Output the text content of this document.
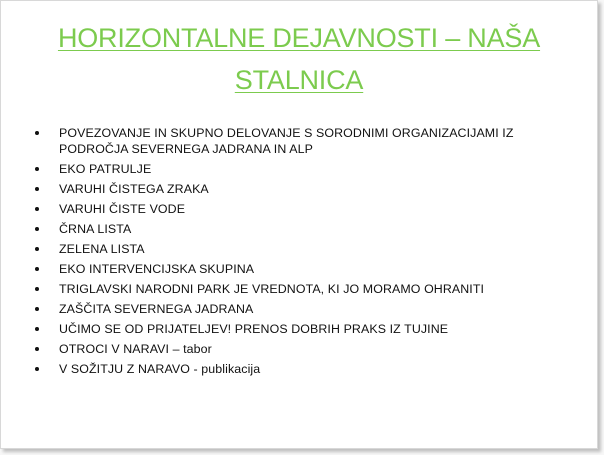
HORIZONTALNE DEJAVNOSTI – NAŠA
STALNICA
POVEZOVANJE IN SKUPNO DELOVANJE S SORODNIMI ORGANIZACIJAMI IZ PODROČJA SEVERNEGA JADRANA IN ALP
EKO PATRULJE
VARUHI ČISTEGA ZRAKA
VARUHI ČISTE VODE
ČRNA LISTA
ZELENA LISTA
EKO INTERVENCIJSKA SKUPINA
TRIGLAVSKI NARODNI PARK JE VREDNOTA, KI JO MORAMO OHRANITI
ZAŠČITA SEVERNEGA JADRANA
UČIMO SE OD PRIJATELJEV! PRENOS DOBRIH PRAKS IZ TUJINE
OTROCI V NARAVI – tabor
V SOŽITJU Z NARAVO - publikacija
